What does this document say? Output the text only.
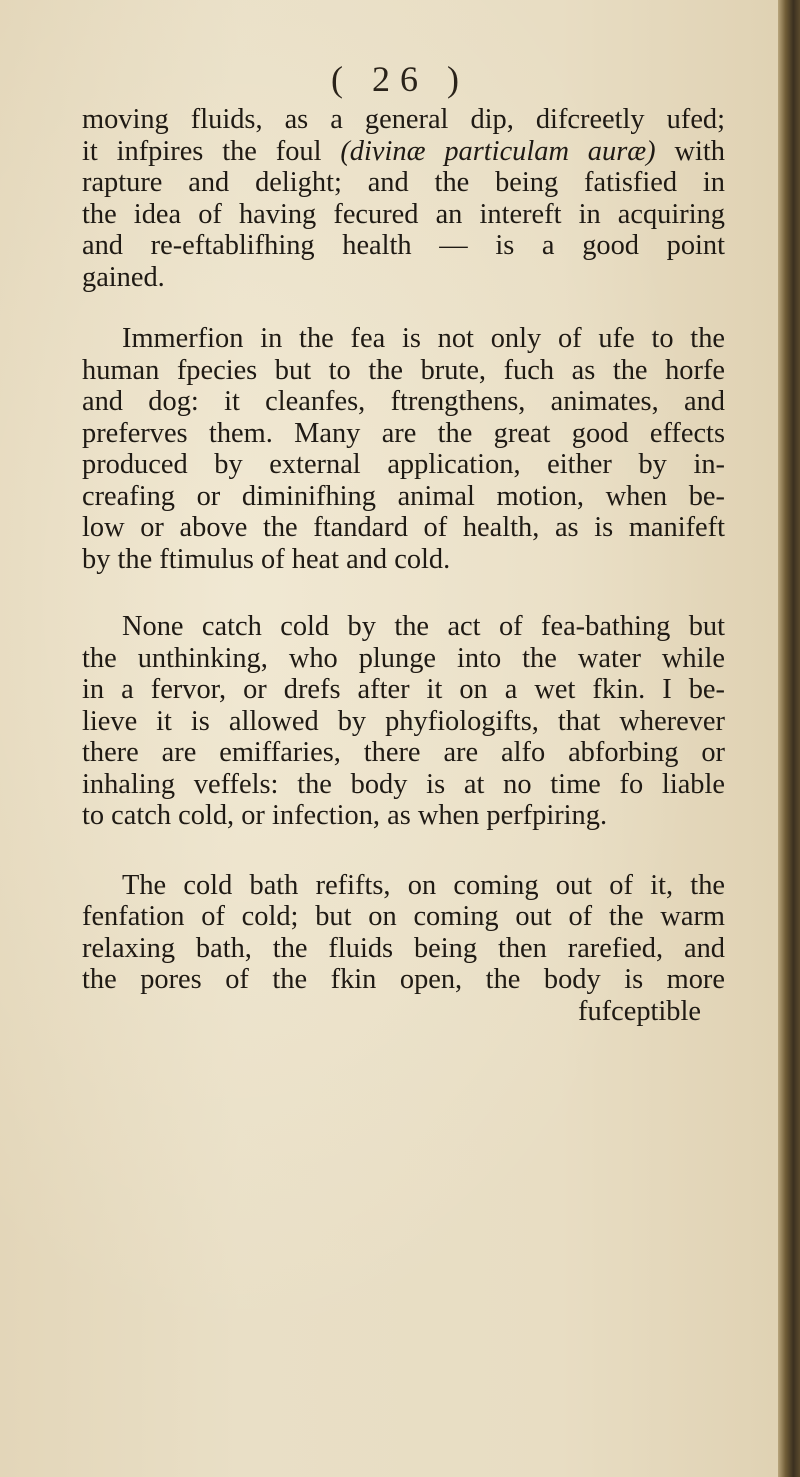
( 26 )

moving fluids, as a general dip, difcreetly ufed;
it infpires the foul (divinæ particulam auræ) with
rapture and delight; and the being fatisfied in
the idea of having fecured an intereft in acquiring
and re-eftablifhing health — is a good point
gained.

Immerfion in the fea is not only of ufe to the
human fpecies but to the brute, fuch as the horfe
and dog: it cleanfes, ftrengthens, animates, and
preferves them. Many are the great good effects
produced by external application, either by in-
creafing or diminifhing animal motion, when be-
low or above the ftandard of health, as is manifeft
by the ftimulus of heat and cold.

None catch cold by the act of fea-bathing but
the unthinking, who plunge into the water while
in a fervor, or drefs after it on a wet fkin. I be-
lieve it is allowed by phyfiologifts, that wherever
there are emiffaries, there are alfo abforbing or
inhaling veffels: the body is at no time fo liable
to catch cold, or infection, as when perfpiring.

The cold bath refifts, on coming out of it, the
fenfation of cold; but on coming out of the warm
relaxing bath, the fluids being then rarefied, and
the pores of the fkin open, the body is more
fufceptible
